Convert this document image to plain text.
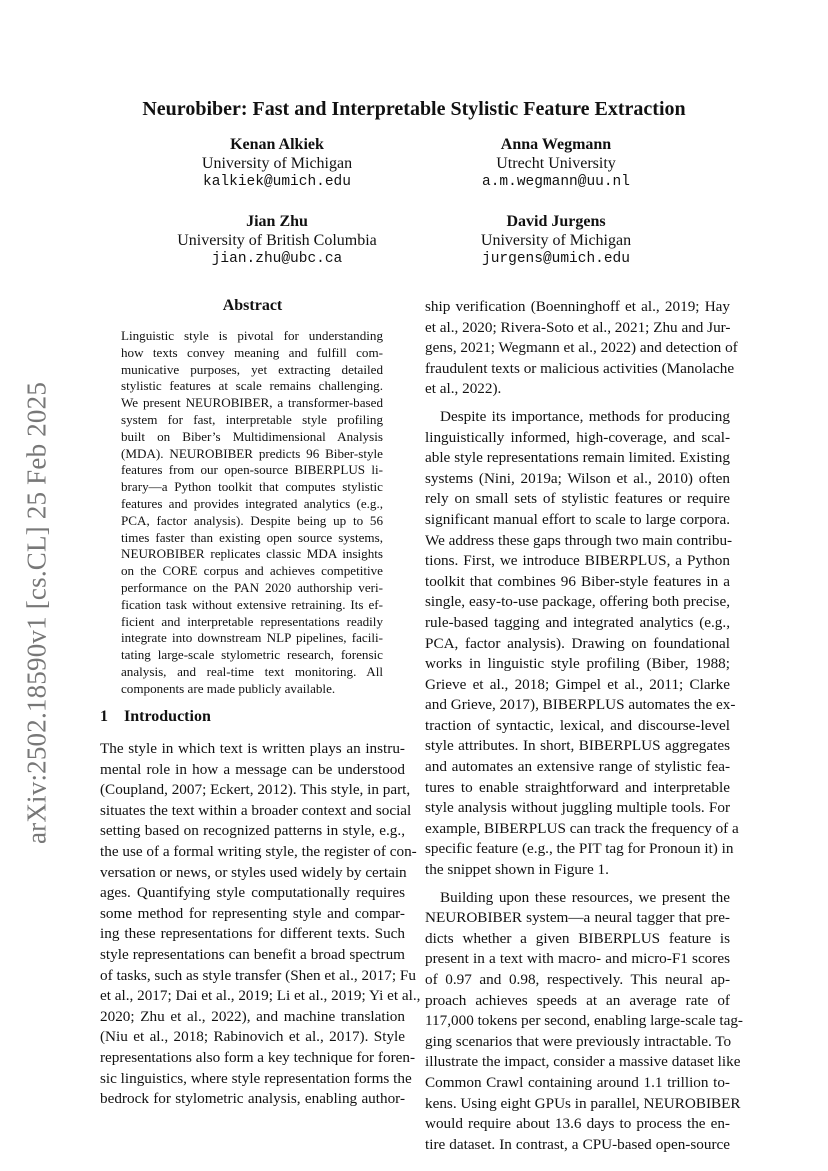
arXiv:2502.18590v1 [cs.CL] 25 Feb 2025
Neurobiber: Fast and Interpretable Stylistic Feature Extraction
Kenan Alkiek
University of Michigan
kalkiek@umich.edu
Anna Wegmann
Utrecht University
a.m.wegmann@uu.nl
Jian Zhu
University of British Columbia
jian.zhu@ubc.ca
David Jurgens
University of Michigan
jurgens@umich.edu
Abstract
Linguistic style is pivotal for understanding
how texts convey meaning and fulfill com-
municative purposes, yet extracting detailed
stylistic features at scale remains challenging.
We present NEUROBIBER, a transformer-based
system for fast, interpretable style profiling
built on Biber’s Multidimensional Analysis
(MDA). NEUROBIBER predicts 96 Biber-style
features from our open-source BIBERPLUS li-
brary—a Python toolkit that computes stylistic
features and provides integrated analytics (e.g.,
PCA, factor analysis). Despite being up to 56
times faster than existing open source systems,
NEUROBIBER replicates classic MDA insights
on the CORE corpus and achieves competitive
performance on the PAN 2020 authorship veri-
fication task without extensive retraining. Its ef-
ficient and interpretable representations readily
integrate into downstream NLP pipelines, facili-
tating large-scale stylometric research, forensic
analysis, and real-time text monitoring. All
components are made publicly available.
1 Introduction
The style in which text is written plays an instru-
mental role in how a message can be understood
(Coupland, 2007; Eckert, 2012). This style, in part,
situates the text within a broader context and social
setting based on recognized patterns in style, e.g.,
the use of a formal writing style, the register of con-
versation or news, or styles used widely by certain
ages. Quantifying style computationally requires
some method for representing style and compar-
ing these representations for different texts. Such
style representations can benefit a broad spectrum
of tasks, such as style transfer (Shen et al., 2017; Fu
et al., 2017; Dai et al., 2019; Li et al., 2019; Yi et al.,
2020; Zhu et al., 2022), and machine translation
(Niu et al., 2018; Rabinovich et al., 2017). Style
representations also form a key technique for foren-
sic linguistics, where style representation forms the
bedrock for stylometric analysis, enabling author-
ship verification (Boenninghoff et al., 2019; Hay
et al., 2020; Rivera-Soto et al., 2021; Zhu and Jur-
gens, 2021; Wegmann et al., 2022) and detection of
fraudulent texts or malicious activities (Manolache
et al., 2022).
Despite its importance, methods for producing
linguistically informed, high-coverage, and scal-
able style representations remain limited. Existing
systems (Nini, 2019a; Wilson et al., 2010) often
rely on small sets of stylistic features or require
significant manual effort to scale to large corpora.
We address these gaps through two main contribu-
tions. First, we introduce BIBERPLUS, a Python
toolkit that combines 96 Biber-style features in a
single, easy-to-use package, offering both precise,
rule-based tagging and integrated analytics (e.g.,
PCA, factor analysis). Drawing on foundational
works in linguistic style profiling (Biber, 1988;
Grieve et al., 2018; Gimpel et al., 2011; Clarke
and Grieve, 2017), BIBERPLUS automates the ex-
traction of syntactic, lexical, and discourse-level
style attributes. In short, BIBERPLUS aggregates
and automates an extensive range of stylistic fea-
tures to enable straightforward and interpretable
style analysis without juggling multiple tools. For
example, BIBERPLUS can track the frequency of a
specific feature (e.g., the PIT tag for Pronoun it) in
the snippet shown in Figure 1.
Building upon these resources, we present the
NEUROBIBER system—a neural tagger that pre-
dicts whether a given BIBERPLUS feature is
present in a text with macro- and micro-F1 scores
of 0.97 and 0.98, respectively. This neural ap-
proach achieves speeds at an average rate of
117,000 tokens per second, enabling large-scale tag-
ging scenarios that were previously intractable. To
illustrate the impact, consider a massive dataset like
Common Crawl containing around 1.1 trillion to-
kens. Using eight GPUs in parallel, NEUROBIBER
would require about 13.6 days to process the en-
tire dataset. In contrast, a CPU-based open-source
